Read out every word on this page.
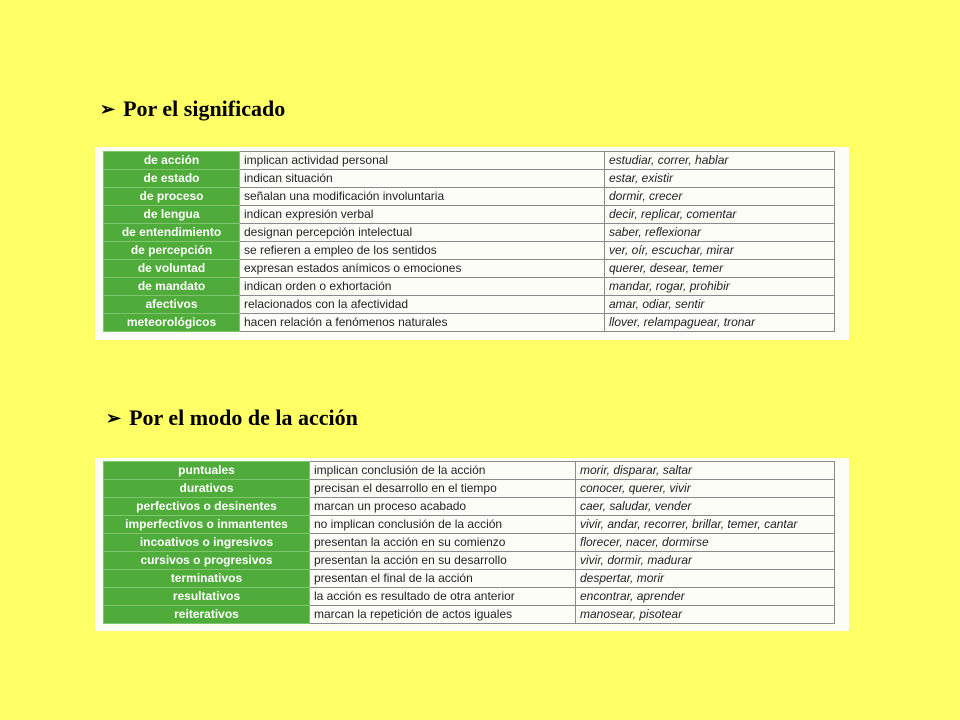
➢ Por el significado
de acción	implican actividad personal	estudiar, correr, hablar
de estado	indican situación	estar, existir
de proceso	señalan una modificación involuntaria	dormir, crecer
de lengua	indican expresión verbal	decir, replicar, comentar
de entendimiento	designan percepción intelectual	saber, reflexionar
de percepción	se refieren a empleo de los sentidos	ver, oír, escuchar, mirar
de voluntad	expresan estados anímicos o emociones	querer, desear, temer
de mandato	indican orden o exhortación	mandar, rogar, prohibir
afectivos	relacionados con la afectividad	amar, odiar, sentir
meteorológicos	hacen relación a fenómenos naturales	llover, relampaguear, tronar
➢ Por el modo de la acción
puntuales	implican conclusión de la acción	morir, disparar, saltar
durativos	precisan el desarrollo en el tiempo	conocer, querer, vivir
perfectivos o desinentes	marcan un proceso acabado	caer, saludar, vender
imperfectivos o inmantentes	no implican conclusión de la acción	vivir, andar, recorrer, brillar, temer, cantar
incoativos o ingresivos	presentan la acción en su comienzo	florecer, nacer, dormirse
cursivos o progresivos	presentan la acción en su desarrollo	vivir, dormir, madurar
terminativos	presentan el final de la acción	despertar, morir
resultativos	la acción es resultado de otra anterior	encontrar, aprender
reiterativos	marcan la repetición de actos iguales	manosear, pisotear
